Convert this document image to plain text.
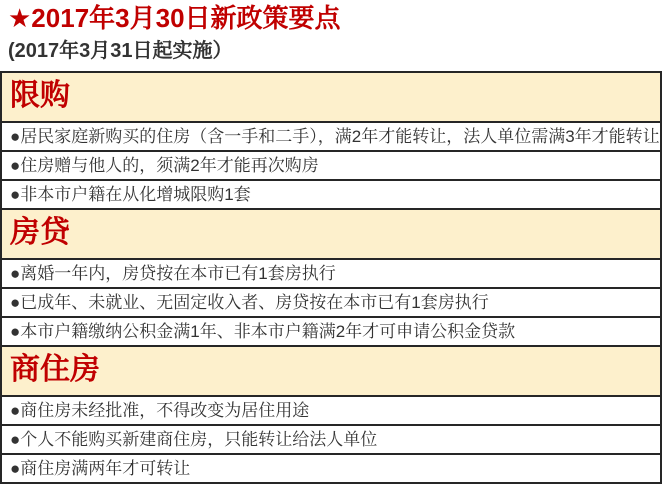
★2017年3月30日新政策要点
(2017年3月31日起实施）
限购
●居民家庭新购买的住房（含一手和二手），满2年才能转让，法人单位需满3年才能转让
●住房赠与他人的，须满2年才能再次购房
●非本市户籍在从化增城限购1套
房贷
●离婚一年内，房贷按在本市已有1套房执行
●已成年、未就业、无固定收入者、房贷按在本市已有1套房执行
●本市户籍缴纳公积金满1年、非本市户籍满2年才可申请公积金贷款
商住房
●商住房未经批准，不得改变为居住用途
●个人不能购买新建商住房，只能转让给法人单位
●商住房满两年才可转让
